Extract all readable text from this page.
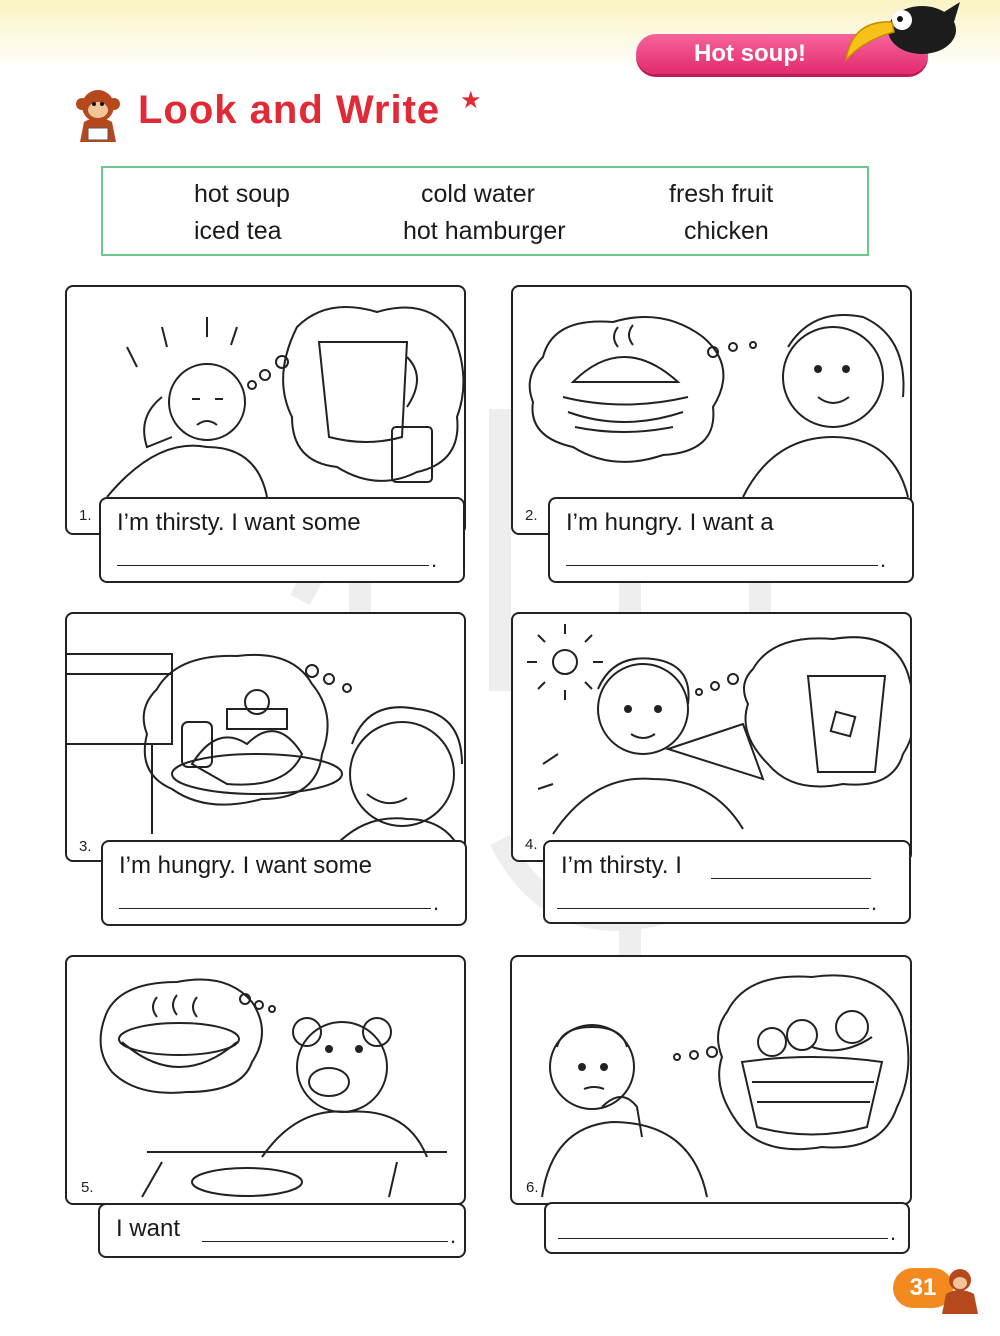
Hot soup!
Look and Write ★
hot soup	cold water	fresh fruit
iced tea	hot hamburger	chicken
1. I’m thirsty. I want some
.
2. I’m hungry. I want a
.
3.
I’m hungry. I want some
.
4.
I’m thirsty. I
.
5.
I want	.
6.
.
31
